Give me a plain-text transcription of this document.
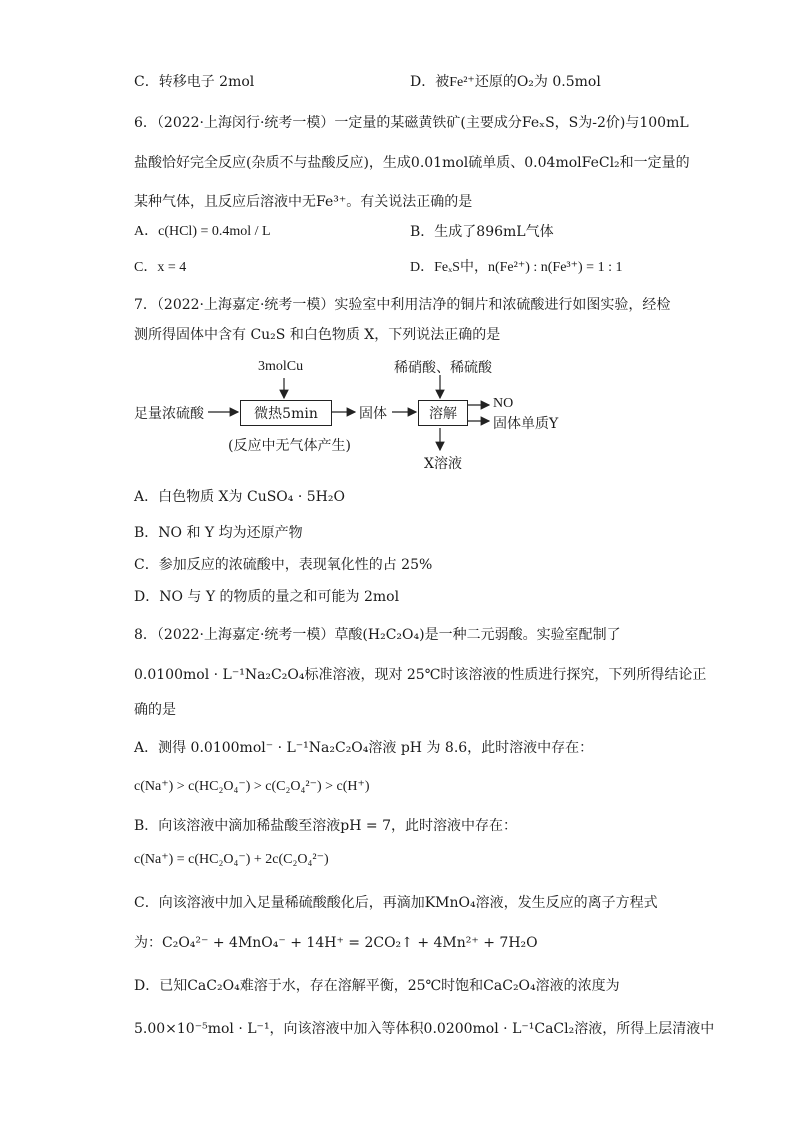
C．转移电子 2mol	D．被Fe²⁺还原的O₂为 0.5mol
6．（2022·上海闵行·统考一模）一定量的某磁黄铁矿(主要成分FeₓS，S为-2价)与100mL
盐酸恰好完全反应(杂质不与盐酸反应)，生成0.01mol硫单质、0.04molFeCl₂和一定量的
某种气体，且反应后溶液中无Fe³⁺。有关说法正确的是
A．c(HCl) = 0.4mol / L	B．生成了896mL气体
C．x = 4	D．FeₓS中，n(Fe²⁺) : n(Fe³⁺) = 1 : 1
7．（2022·上海嘉定·统考一模）实验室中利用洁净的铜片和浓硫酸进行如图实验，经检
测所得固体中含有 Cu₂S 和白色物质 X，下列说法正确的是
3molCu	稀硝酸、稀硫酸
足量浓硫酸	微热5min
(反应中无气体产生)
固体	溶解
NO
固体单质Y
X溶液
A．白色物质 X为 CuSO₄ · 5H₂O
B．NO 和 Y 均为还原产物
C．参加反应的浓硫酸中，表现氧化性的占 25%
D．NO 与 Y 的物质的量之和可能为 2mol
8．（2022·上海嘉定·统考一模）草酸(H₂C₂O₄)是一种二元弱酸。实验室配制了
0.0100mol · L⁻¹Na₂C₂O₄标准溶液，现对 25℃时该溶液的性质进行探究，下列所得结论正
确的是
A．测得 0.0100mol⁻ · L⁻¹Na₂C₂O₄溶液 pH 为 8.6，此时溶液中存在：
c(Na⁺) > c(HC₂O₄⁻) > c(C₂O₄²⁻) > c(H⁺)
B．向该溶液中滴加稀盐酸至溶液pH = 7，此时溶液中存在：
c(Na⁺) = c(HC₂O₄⁻) + 2c(C₂O₄²⁻)
C．向该溶液中加入足量稀硫酸酸化后，再滴加KMnO₄溶液，发生反应的离子方程式
为：C₂O₄²⁻ + 4MnO₄⁻ + 14H⁺ = 2CO₂↑ + 4Mn²⁺ + 7H₂O
D．已知CaC₂O₄难溶于水，存在溶解平衡，25℃时饱和CaC₂O₄溶液的浓度为
5.00×10⁻⁵mol · L⁻¹，向该溶液中加入等体积0.0200mol · L⁻¹CaCl₂溶液，所得上层清液中
